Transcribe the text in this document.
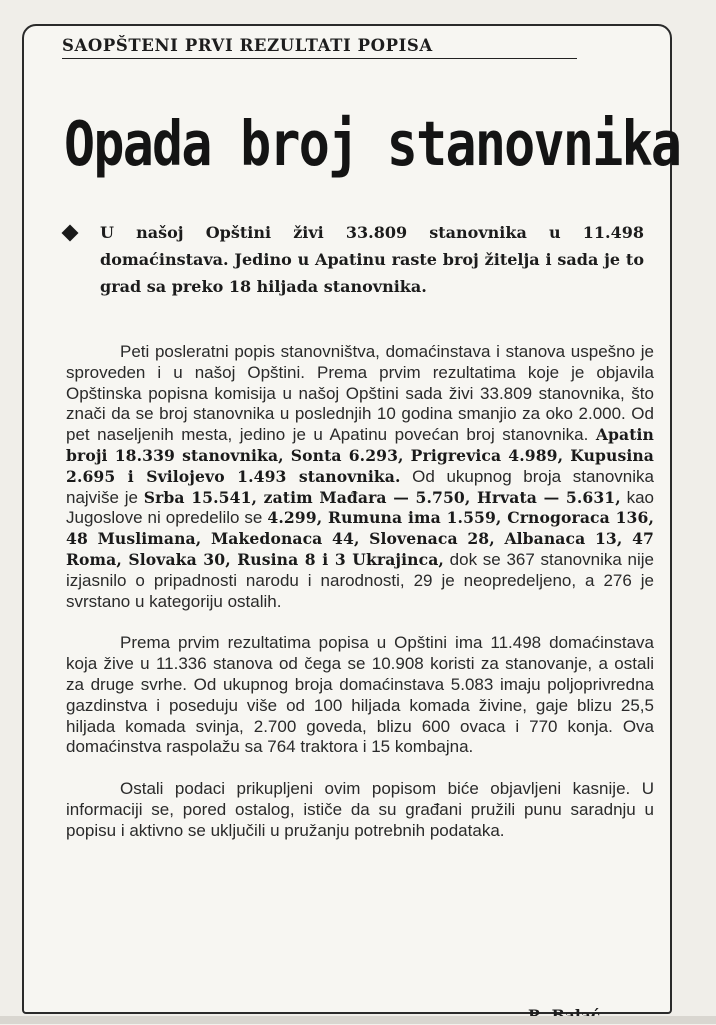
SAOPŠTENI PRVI REZULTATI POPISA
Opada broj stanovnika

U našoj Opštini živi 33.809 stanovnika u 11.498 domaćinstava. Jedino u Apatinu raste broj žitelja i sada je to grad sa preko 18 hiljada stanovnika.

Peti posleratni popis stanovništva, domaćinstava i stanova uspešno je sproveden i u našoj Opštini. Prema prvim rezultatima koje je objavila Opštinska popisna komisija u našoj Opštini sada živi 33.809 stanovnika, što znači da se broj stanovnika u poslednjih 10 godina smanjio za oko 2.000. Od pet naseljenih mesta, jedino je u Apatinu povećan broj stanovnika. Apatin broji 18.339 stanovnika, Sonta 6.293, Prigrevica 4.989, Kupusina 2.695 i Svilojevo 1.493 stanovnika. Od ukupnog broja stanovnika najviše je Srba 15.541, zatim Mađara — 5.750, Hrvata — 5.631, kao Jugoslove ni opredelilo se 4.299, Rumuna ima 1.559, Crnogoraca 136, 48 Muslimana, Makedonaca 44, Slovenaca 28, Albanaca 13, 47 Roma, Slovaka 30, Rusina 8 i 3 Ukrajinca, dok se 367 stanovnika nije izjasnilo o pripadnosti narodu i narodnosti, 29 je neopredeljeno, a 276 je svrstano u kategoriju ostalih.

Prema prvim rezultatima popisa u Opštini ima 11.498 domaćinstava koja žive u 11.336 stanova od čega se 10.908 koristi za stanovanje, a ostali za druge svrhe. Od ukupnog broja domaćinstava 5.083 imaju poljoprivredna gazdinstva i poseduju više od 100 hiljada komada živine, gaje blizu 25,5 hiljada komada svinja, 2.700 goveda, blizu 600 ovaca i 770 konja. Ova domaćinstva raspolažu sa 764 traktora i 15 kombajna.

Ostali podaci prikupljeni ovim popisom biće objavljeni kasnije. U informaciji se, pored ostalog, ističe da su građani pružili punu saradnju u popisu i aktivno se uključili u pružanju potrebnih podataka.
